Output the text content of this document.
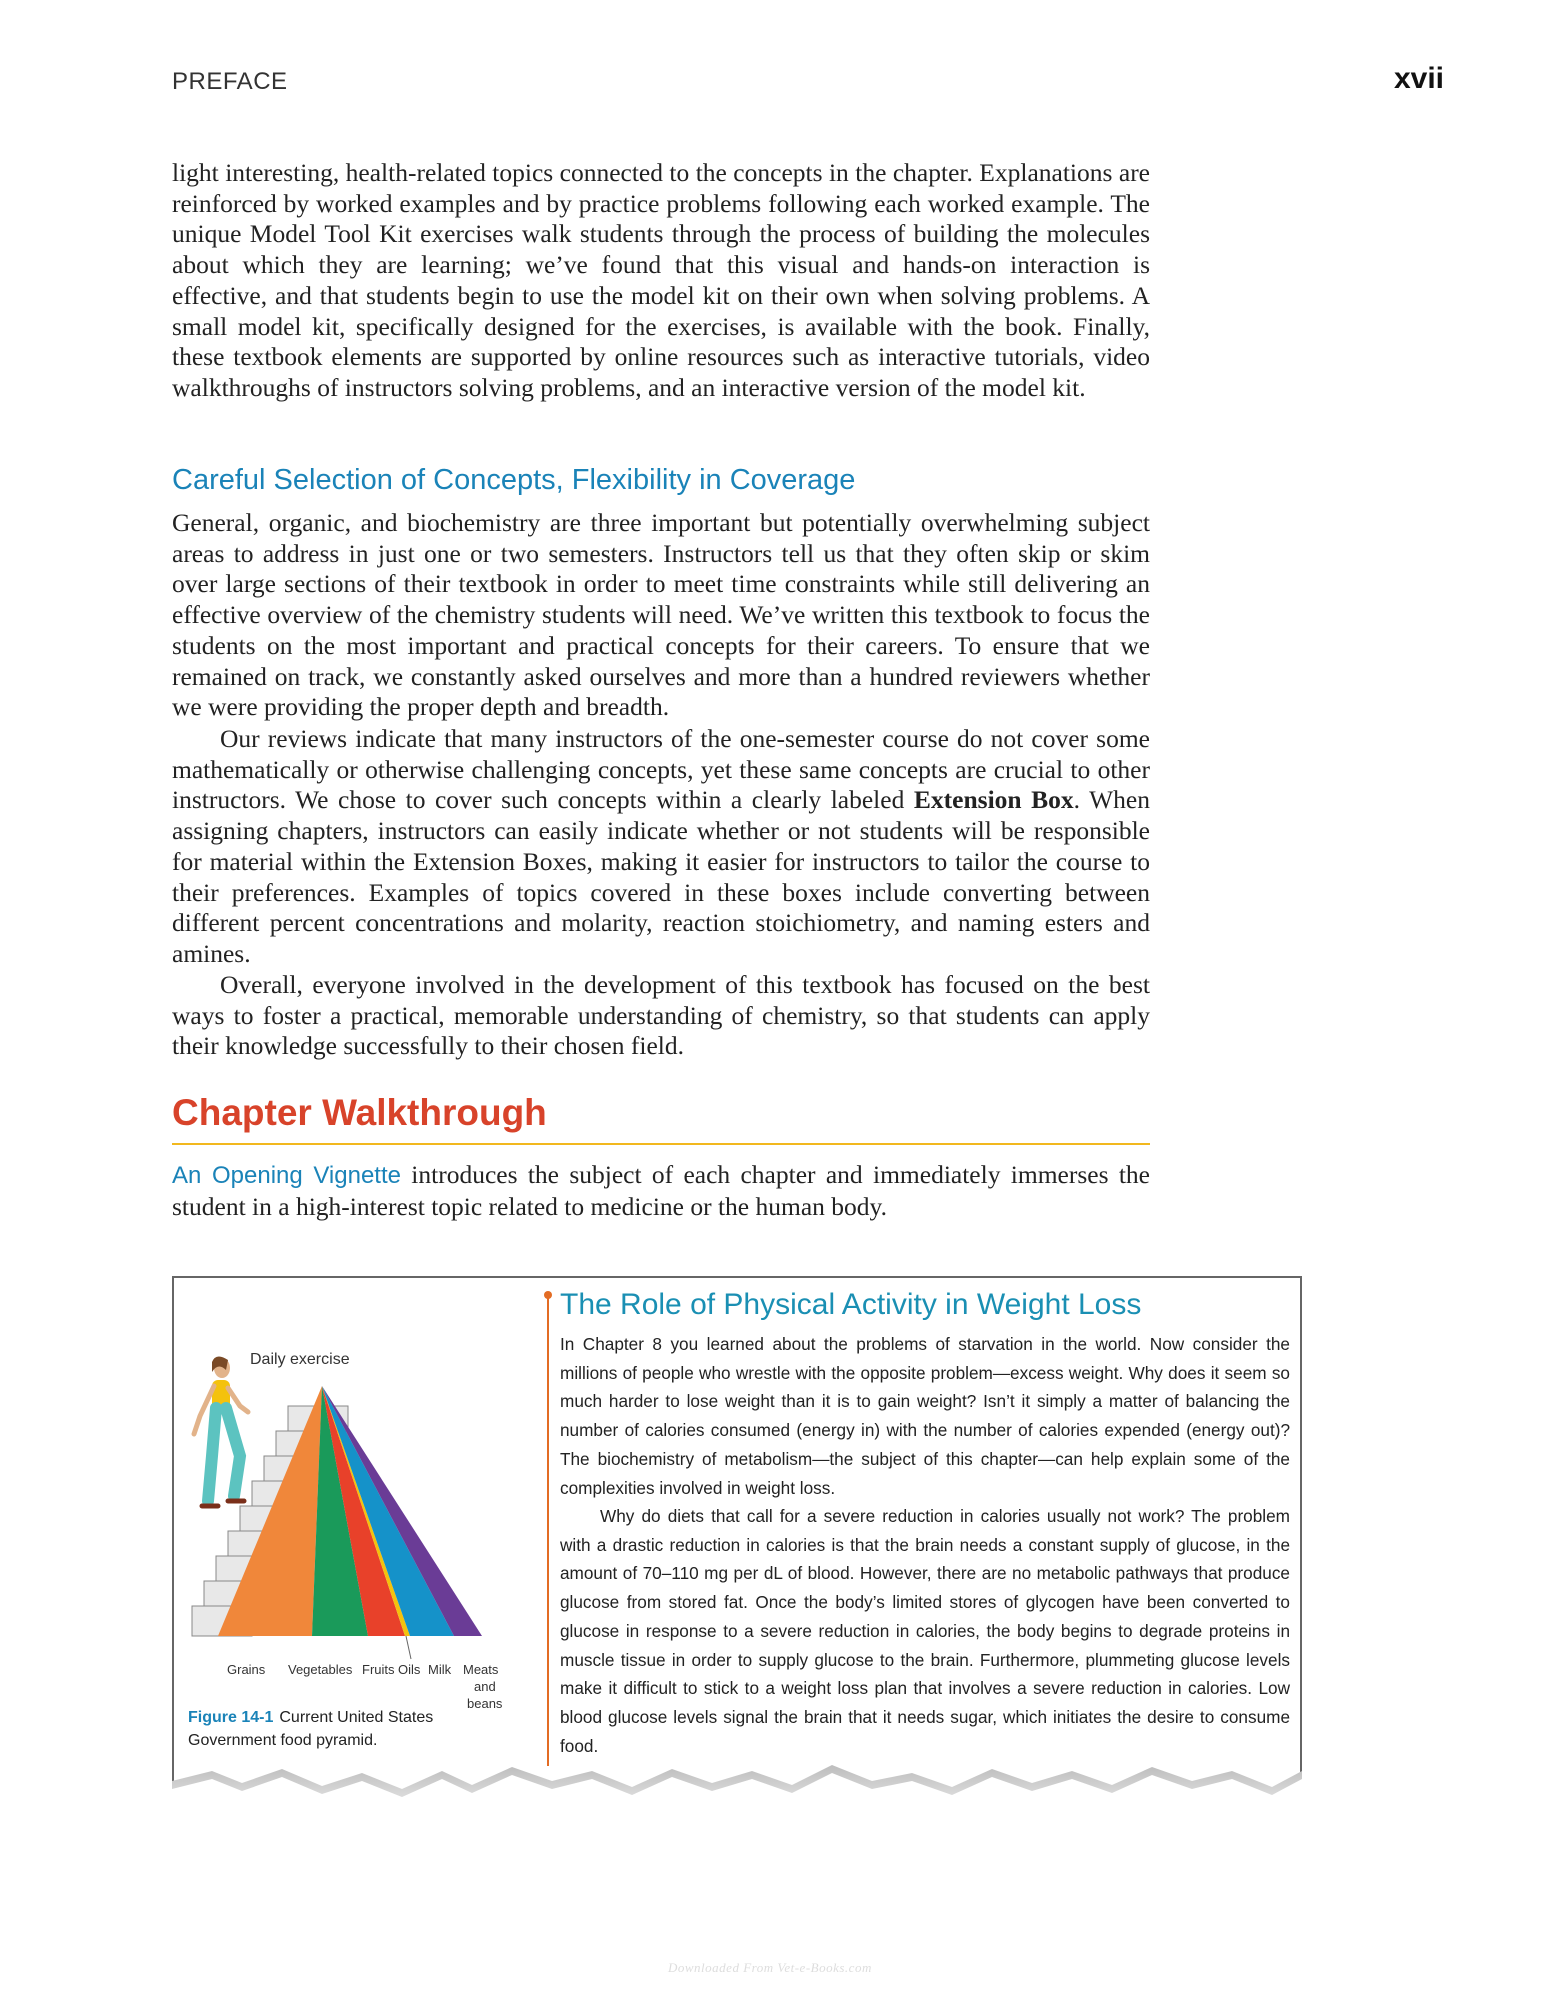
PREFACE	xvii

light interesting, health-related topics connected to the concepts in the chapter. Explanations are reinforced by worked examples and by practice problems following each worked example. The unique Model Tool Kit exercises walk students through the process of building the molecules about which they are learning; we’ve found that this visual and hands-on interaction is effective, and that students begin to use the model kit on their own when solving problems. A small model kit, specifically designed for the exercises, is available with the book. Finally, these textbook elements are supported by online resources such as interactive tutorials, video walkthroughs of instructors solving problems, and an interactive version of the model kit.

Careful Selection of Concepts, Flexibility in Coverage

General, organic, and biochemistry are three important but potentially overwhelming subject areas to address in just one or two semesters. Instructors tell us that they often skip or skim over large sections of their textbook in order to meet time constraints while still delivering an effective overview of the chemistry students will need. We’ve written this textbook to focus the students on the most important and practical concepts for their careers. To ensure that we remained on track, we constantly asked ourselves and more than a hundred reviewers whether we were providing the proper depth and breadth.

Our reviews indicate that many instructors of the one-semester course do not cover some mathematically or otherwise challenging concepts, yet these same concepts are crucial to other instructors. We chose to cover such concepts within a clearly labeled Extension Box. When assigning chapters, instructors can easily indicate whether or not students will be responsible for material within the Extension Boxes, making it easier for instructors to tailor the course to their preferences. Examples of topics covered in these boxes include converting between different percent concentrations and molarity, reaction stoichiometry, and naming esters and amines.

Overall, everyone involved in the development of this textbook has focused on the best ways to foster a practical, memorable understanding of chemistry, so that students can apply their knowledge successfully to their chosen field.

Chapter Walkthrough

An Opening Vignette introduces the subject of each chapter and immediately immerses the student in a high-interest topic related to medicine or the human body.

Daily exercise
Grains Vegetables Fruits Oils Milk Meats
and
beans
Figure 14-1 Current United States Government food pyramid.
The Role of Physical Activity in Weight Loss

In Chapter 8 you learned about the problems of starvation in the world. Now consider the millions of people who wrestle with the opposite problem—excess weight. Why does it seem so much harder to lose weight than it is to gain weight? Isn’t it simply a matter of balancing the number of calories consumed (energy in) with the number of calories expended (energy out)? The biochemistry of metabolism—the subject of this chapter—can help explain some of the complexities involved in weight loss.

Why do diets that call for a severe reduction in calories usually not work? The problem with a drastic reduction in calories is that the brain needs a constant supply of glucose, in the amount of 70–110 mg per dL of blood. However, there are no metabolic pathways that produce glucose from stored fat. Once the body’s limited stores of glycogen have been converted to glucose in response to a severe reduction in calories, the body begins to degrade proteins in muscle tissue in order to supply glucose to the brain. Furthermore, plummeting glucose levels make it difficult to stick to a weight loss plan that involves a severe reduction in calories. Low blood glucose levels signal the brain that it needs sugar, which initiates the desire to consume food.

Downloaded From Vet-e-Books.com
